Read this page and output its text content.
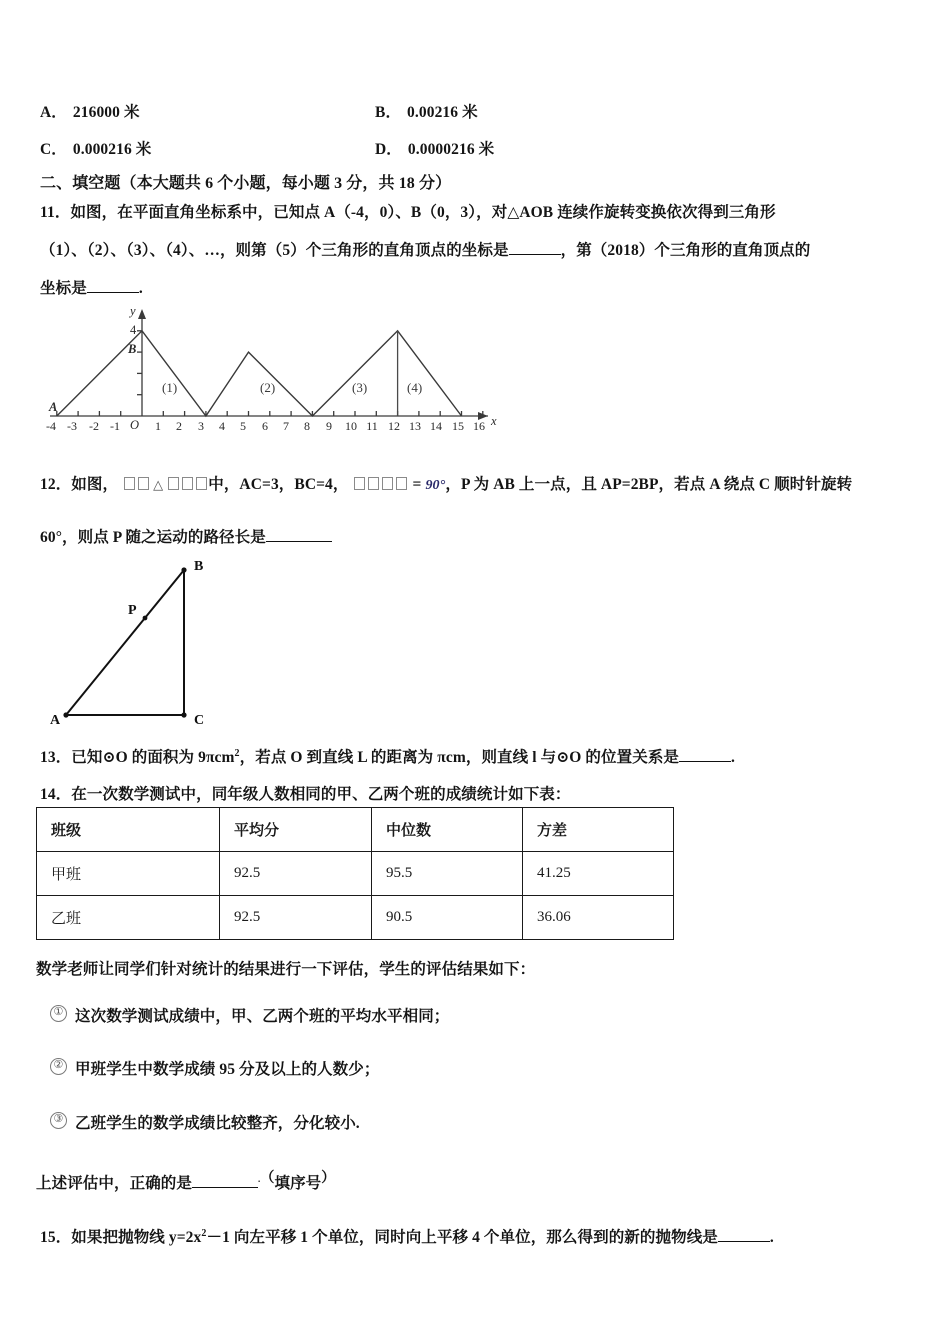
A． 216000 米	B． 0.00216 米
C． 0.000216 米	D． 0.0000216 米
二、填空题（本大题共 6 个小题，每小题 3 分，共 18 分）
11．如图，在平面直角坐标系中，已知点 A（‑4，0）、B（0，3），对△AOB 连续作旋转变换依次得到三角形
（1）、（2）、（3）、（4）、…，则第（5）个三角形的直角顶点的坐标是	，第（2018）个三角形的直角顶点的
坐标是	.
y
x
4
B
O
A
-4 -3 -2 -1	1 2 3 4 5 6 7 8 9 10 11 12 13 14 15 16
(1)	(2)	(3)	(4)
12．如图，	△	中，AC=3，BC=4，	= 90°，P 为 AB 上一点，且 AP=2BP，若点 A 绕点 C 顺时针旋转
60°，则点 P 随之运动的路径长是
A	C
B
P
13．已知⊙O 的面积为 9πcm$^2$，若点 O 到直线 L 的距离为 πcm，则直线 l 与⊙O 的位置关系是	.
14．在一次数学测试中，同年级人数相同的甲、乙两个班的成绩统计如下表：
班级	平均分	中位数	方差
甲班	92.5	95.5	41.25
乙班	92.5	90.5	36.06
数学老师让同学们针对统计的结果进行一下评估，学生的评估结果如下：
① 这次数学测试成绩中，甲、乙两个班的平均水平相同；
② 甲班学生中数学成绩 95 分及以上的人数少；
③ 乙班学生的数学成绩比较整齐，分化较小.
上述评估中，正确的是	.（填序号）
15．如果把抛物线 $y=2x^2-1$ 向左平移 1 个单位，同时向上平移 4 个单位，那么得到的新的抛物线是	.
